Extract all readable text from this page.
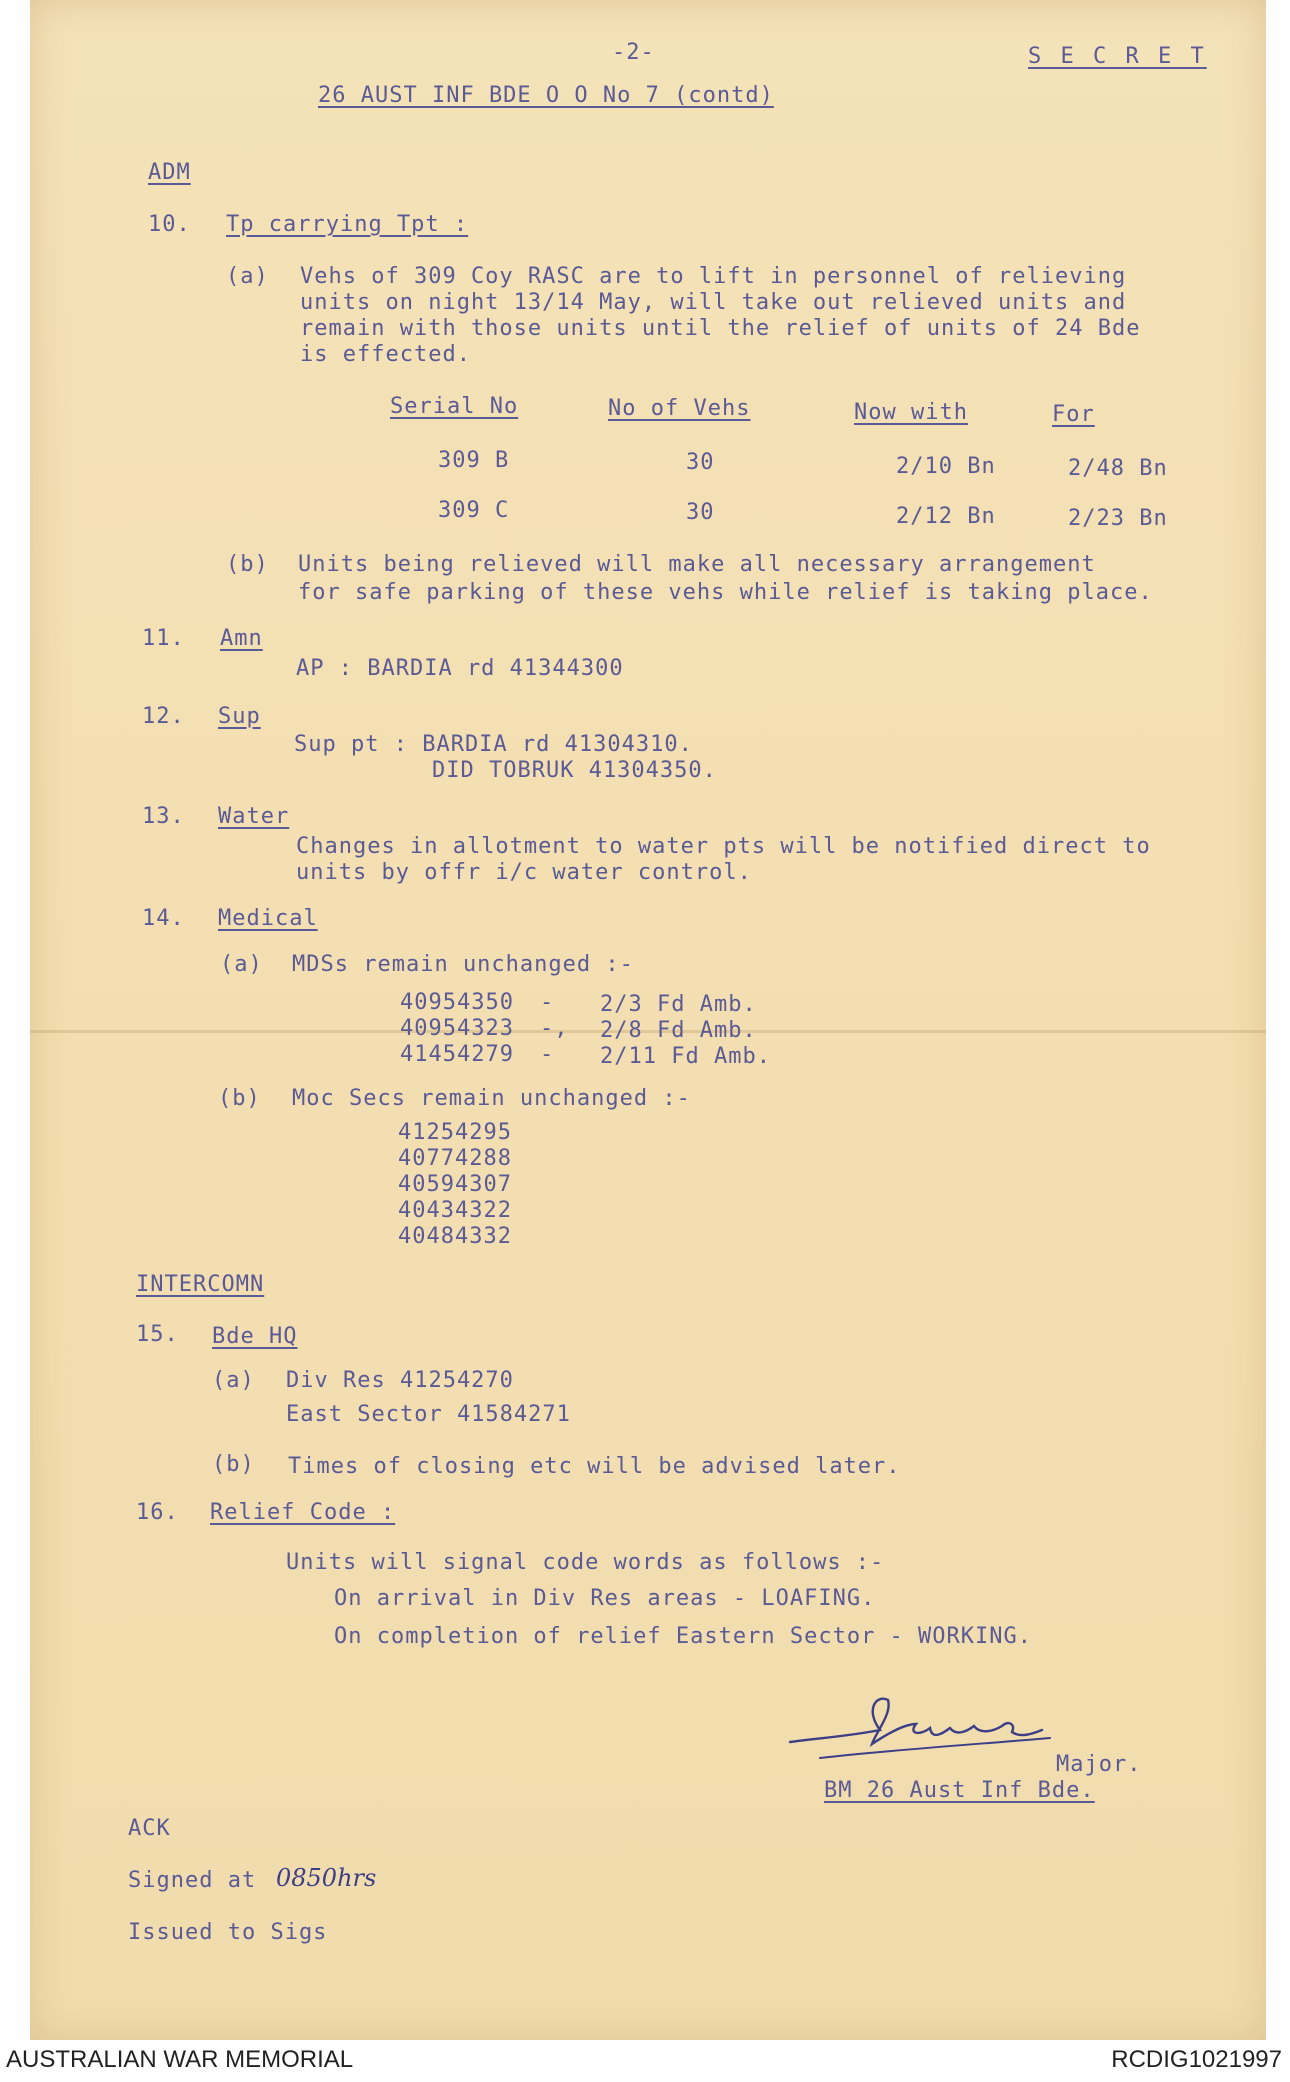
-2-	S E C R E T
26 AUST INF BDE O O No 7 (contd)
ADM
10. Tp carrying Tpt :
(a) Vehs of 309 Coy RASC are to lift in personnel of relieving
units on night 13/14 May, will take out relieved units and
remain with those units until the relief of units of 24 Bde
is effected.
Serial No	No of Vehs	Now with	For
309 B	30	2/10 Bn	2/48 Bn
309 C	30	2/12 Bn	2/23 Bn
(b) Units being relieved will make all necessary arrangement
for safe parking of these vehs while relief is taking place.
11. Amn
AP : BARDIA rd 41344300
12. Sup
Sup pt : BARDIA rd 41304310.
DID TOBRUK 41304350.
13. Water
Changes in allotment to water pts will be notified direct to
units by offr i/c water control.
14. Medical
(a) MDSs remain unchanged :-
40954350 - 2/3 Fd Amb.
40954323 -, 2/8 Fd Amb.
41454279 - 2/11 Fd Amb.
(b) Moc Secs remain unchanged :-
41254295
40774288
40594307
40434322
40484332
INTERCOMN
15. Bde HQ
(a) Div Res 41254270
East Sector 41584271
(b) Times of closing etc will be advised later.
16. Relief Code :
Units will signal code words as follows :-
On arrival in Div Res areas - LOAFING.
On completion of relief Eastern Sector - WORKING.
Major.
BM 26 Aust Inf Bde.
ACK
Signed at 0850hrs
Issued to Sigs
AUSTRALIAN WAR MEMORIAL	RCDIG1021997
